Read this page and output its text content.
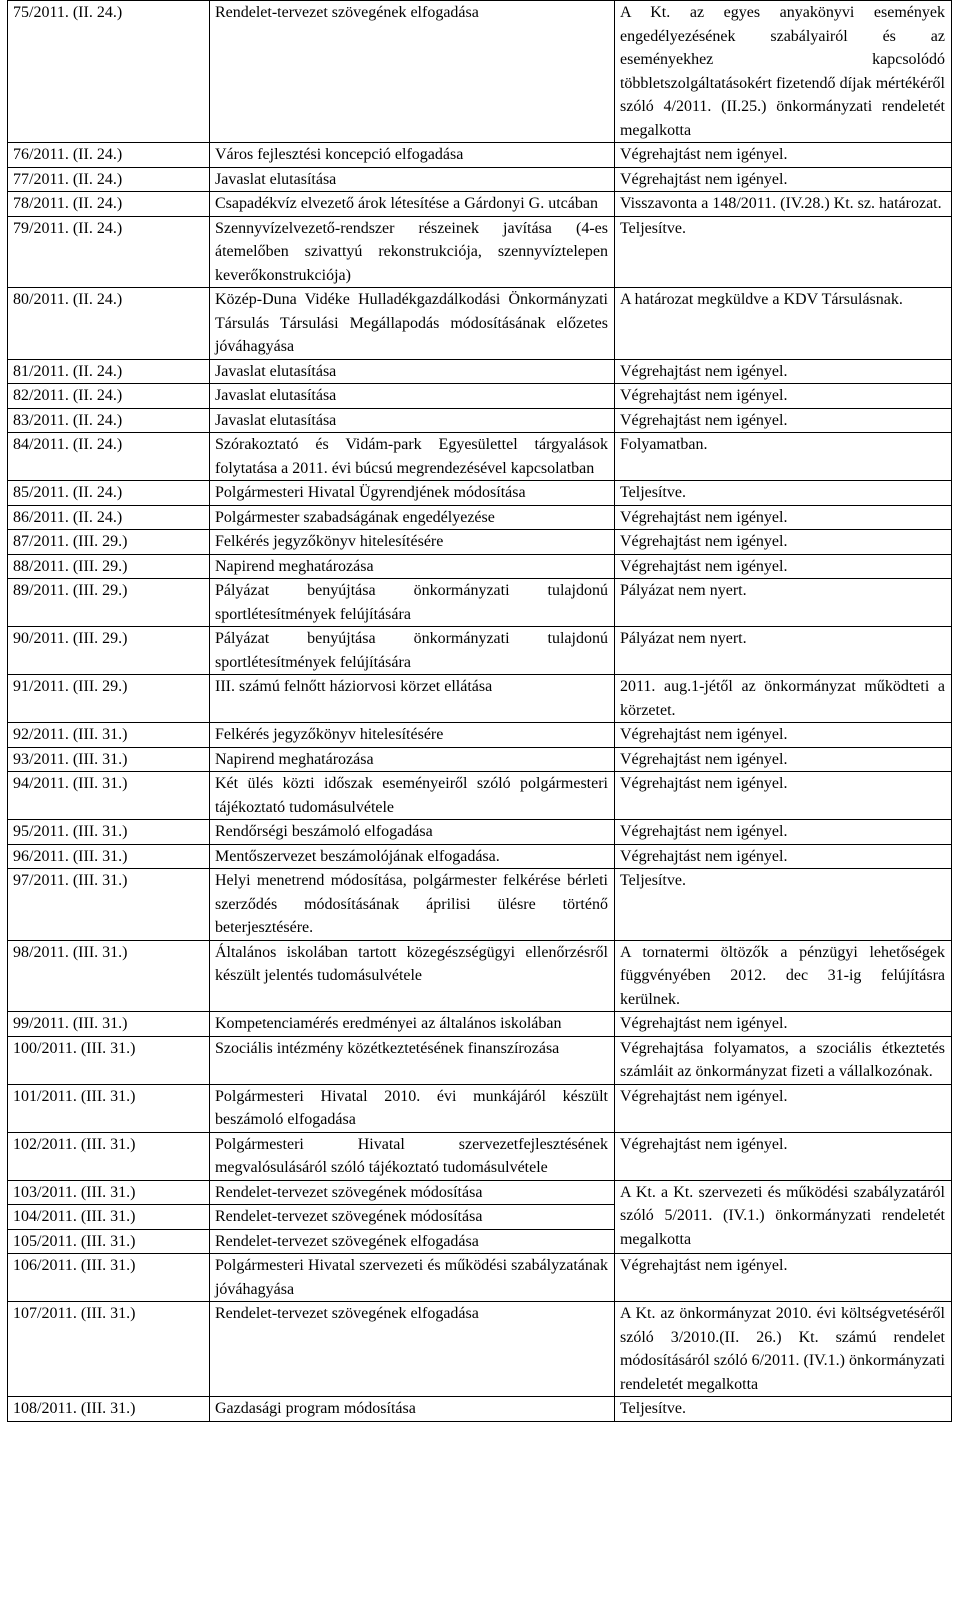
75/2011. (II. 24.)	Rendelet-tervezet szövegének elfogadása	A Kt. az egyes anyakönyvi események engedélyezésének szabályairól és az eseményekhez kapcsolódó többletszolgáltatásokért fizetendő díjak mértékéről szóló 4/2011. (II.25.) önkormányzati rendeletét megalkotta
76/2011. (II. 24.)	Város fejlesztési koncepció elfogadása	Végrehajtást nem igényel.
77/2011. (II. 24.)	Javaslat elutasítása	Végrehajtást nem igényel.
78/2011. (II. 24.)	Csapadékvíz elvezető árok létesítése a Gárdonyi G. utcában	Visszavonta a 148/2011. (IV.28.) Kt. sz. határozat.
79/2011. (II. 24.)	Szennyvízelvezető-rendszer részeinek javítása (4-es átemelőben szivattyú rekonstrukciója, szennyvíztelepen keverőkonstrukciója)	Teljesítve.
80/2011. (II. 24.)	Közép-Duna Vidéke Hulladékgazdálkodási Önkormányzati Társulás Társulási Megállapodás módosításának előzetes jóváhagyása	A határozat megküldve a KDV Társulásnak.
81/2011. (II. 24.)	Javaslat elutasítása	Végrehajtást nem igényel.
82/2011. (II. 24.)	Javaslat elutasítása	Végrehajtást nem igényel.
83/2011. (II. 24.)	Javaslat elutasítása	Végrehajtást nem igényel.
84/2011. (II. 24.)	Szórakoztató és Vidám-park Egyesülettel tárgyalások folytatása a 2011. évi búcsú megrendezésével kapcsolatban	Folyamatban.
85/2011. (II. 24.)	Polgármesteri Hivatal Ügyrendjének módosítása	Teljesítve.
86/2011. (II. 24.)	Polgármester szabadságának engedélyezése	Végrehajtást nem igényel.
87/2011. (III. 29.)	Felkérés jegyzőkönyv hitelesítésére	Végrehajtást nem igényel.
88/2011. (III. 29.)	Napirend meghatározása	Végrehajtást nem igényel.
89/2011. (III. 29.)	Pályázat benyújtása önkormányzati tulajdonú sportlétesítmények felújítására	Pályázat nem nyert.
90/2011. (III. 29.)	Pályázat benyújtása önkormányzati tulajdonú sportlétesítmények felújítására	Pályázat nem nyert.
91/2011. (III. 29.)	III. számú felnőtt háziorvosi körzet ellátása	2011. aug.1-jétől az önkormányzat működteti a körzetet.
92/2011. (III. 31.)	Felkérés jegyzőkönyv hitelesítésére	Végrehajtást nem igényel.
93/2011. (III. 31.)	Napirend meghatározása	Végrehajtást nem igényel.
94/2011. (III. 31.)	Két ülés közti időszak eseményeiről szóló polgármesteri tájékoztató tudomásulvétele	Végrehajtást nem igényel.
95/2011. (III. 31.)	Rendőrségi beszámoló elfogadása	Végrehajtást nem igényel.
96/2011. (III. 31.)	Mentőszervezet beszámolójának elfogadása.	Végrehajtást nem igényel.
97/2011. (III. 31.)	Helyi menetrend módosítása, polgármester felkérése bérleti szerződés módosításának áprilisi ülésre történő beterjesztésére.	Teljesítve.
98/2011. (III. 31.)	Általános iskolában tartott közegészségügyi ellenőrzésről készült jelentés tudomásulvétele	A tornatermi öltözők a pénzügyi lehetőségek függvényében 2012. dec 31-ig felújításra kerülnek.
99/2011. (III. 31.)	Kompetenciamérés eredményei az általános iskolában	Végrehajtást nem igényel.
100/2011. (III. 31.)	Szociális intézmény közétkeztetésének finanszírozása	Végrehajtása folyamatos, a szociális étkeztetés számláit az önkormányzat fizeti a vállalkozónak.
101/2011. (III. 31.)	Polgármesteri Hivatal 2010. évi munkájáról készült beszámoló elfogadása	Végrehajtást nem igényel.
102/2011. (III. 31.)	Polgármesteri Hivatal szervezetfejlesztésének megvalósulásáról szóló tájékoztató tudomásulvétele	Végrehajtást nem igényel.
103/2011. (III. 31.)	Rendelet-tervezet szövegének módosítása	A Kt. a Kt. szervezeti és működési szabályzatáról szóló 5/2011. (IV.1.) önkormányzati rendeletét megalkotta
104/2011. (III. 31.)	Rendelet-tervezet szövegének módosítása	
105/2011. (III. 31.)	Rendelet-tervezet szövegének elfogadása	
106/2011. (III. 31.)	Polgármesteri Hivatal szervezeti és működési szabályzatának jóváhagyása	Végrehajtást nem igényel.
107/2011. (III. 31.)	Rendelet-tervezet szövegének elfogadása	A Kt. az önkormányzat 2010. évi költségvetéséről szóló 3/2010.(II. 26.) Kt. számú rendelet módosításáról szóló 6/2011. (IV.1.) önkormányzati rendeletét megalkotta
108/2011. (III. 31.)	Gazdasági program módosítása	Teljesítve.
